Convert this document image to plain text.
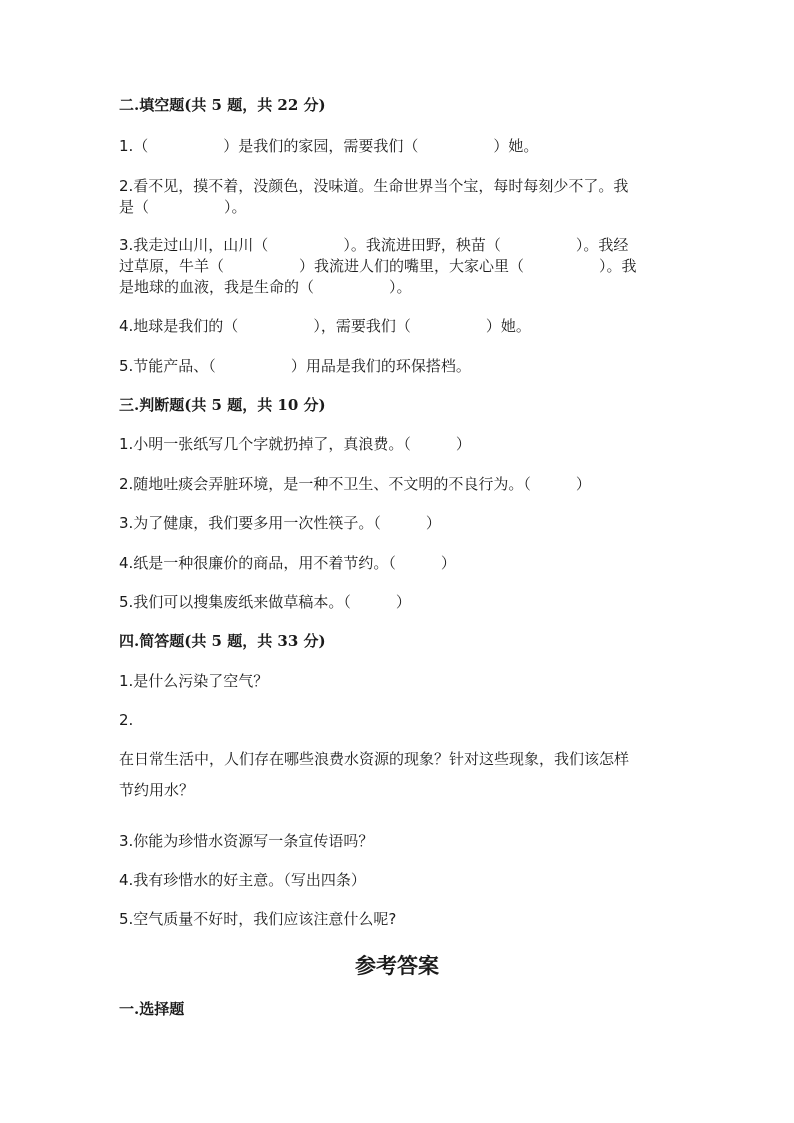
二.填空题(共 5 题，共 22 分)
1.（　　　　　）是我们的家园，需要我们（　　　　　）她。
2.看不见，摸不着，没颜色，没味道。生命世界当个宝，每时每刻少不了。我
是（　　　　　）。
3.我走过山川，山川（　　　　　）。我流进田野，秧苗（　　　　　）。我经
过草原，牛羊（　　　　　）我流进人们的嘴里，大家心里（　　　　　）。我
是地球的血液，我是生命的（　　　　　）。
4.地球是我们的（　　　　　），需要我们（　　　　　）她。
5.节能产品、（　　　　　）用品是我们的环保搭档。
三.判断题(共 5 题，共 10 分)
1.小明一张纸写几个字就扔掉了，真浪费。（　　　）
2.随地吐痰会弄脏环境，是一种不卫生、不文明的不良行为。（　　　）
3.为了健康，我们要多用一次性筷子。（　　　）
4.纸是一种很廉价的商品，用不着节约。（　　　）
5.我们可以搜集废纸来做草稿本。（　　　）
四.简答题(共 5 题，共 33 分)
1.是什么污染了空气？
2.
在日常生活中，人们存在哪些浪费水资源的现象？针对这些现象，我们该怎样
节约用水？
3.你能为珍惜水资源写一条宣传语吗？
4.我有珍惜水的好主意。（写出四条）
5.空气质量不好时，我们应该注意什么呢?
参考答案
一.选择题
